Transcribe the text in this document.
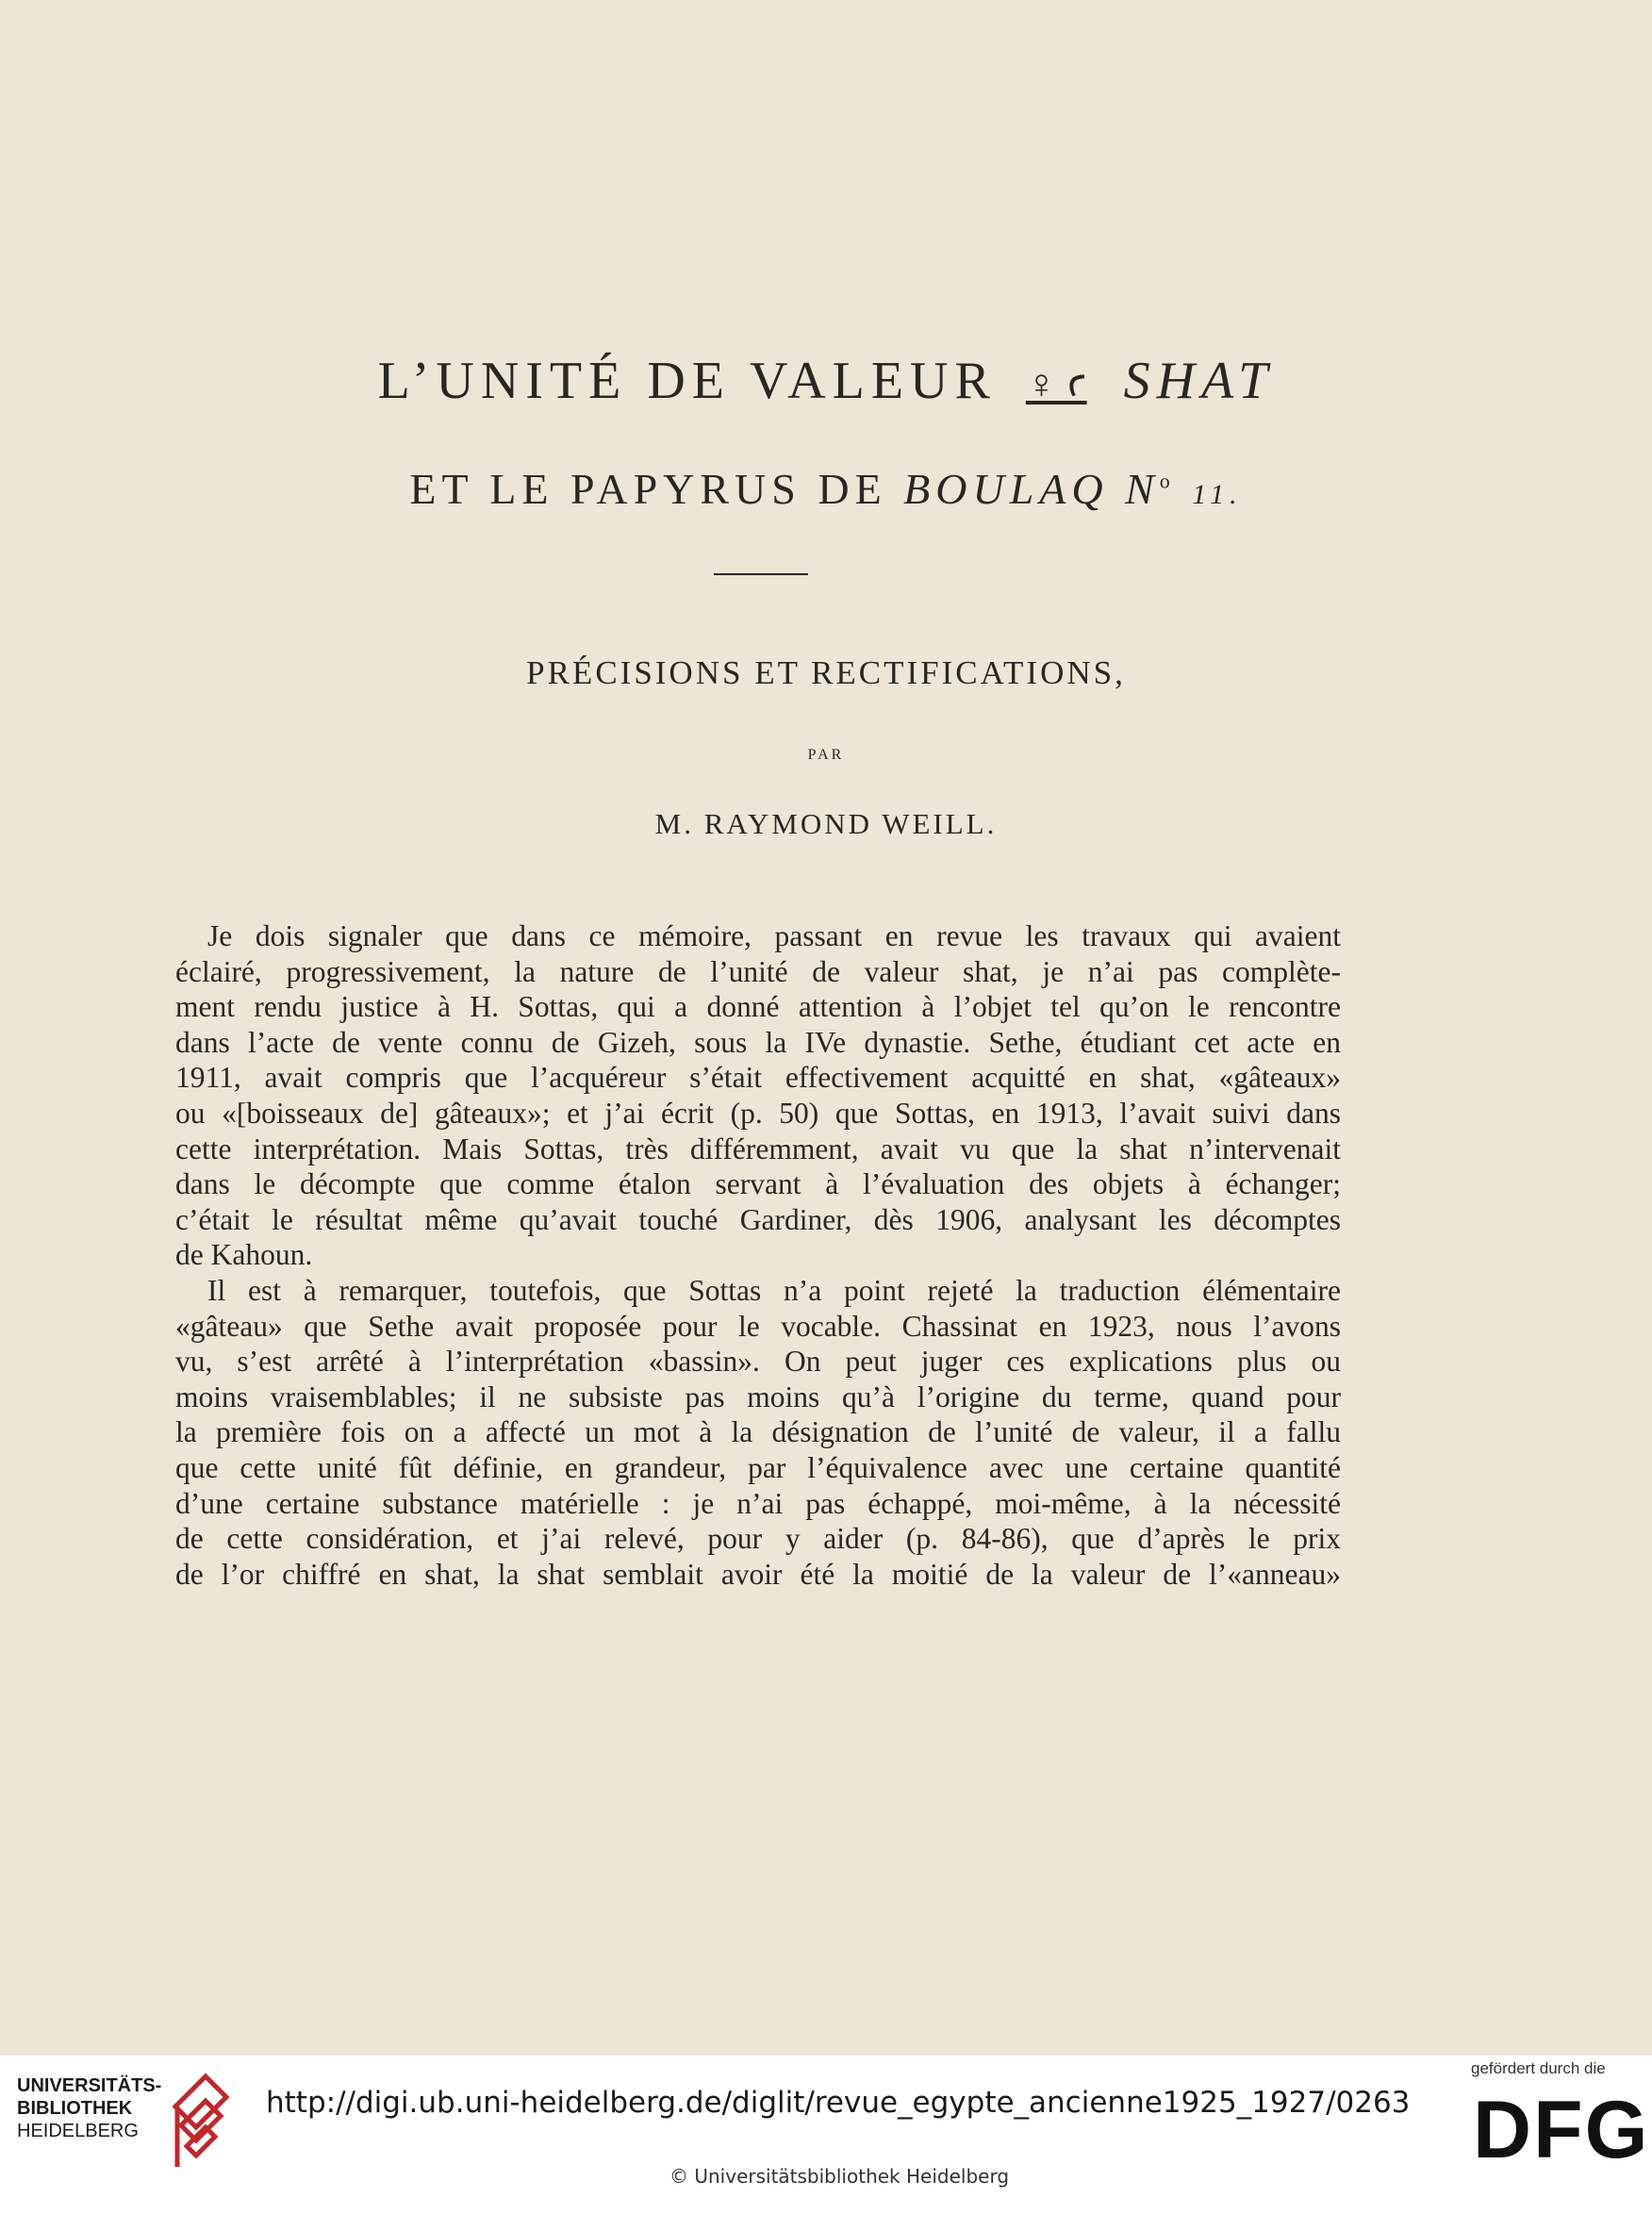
L’UNITÉ DE VALEUR ♀ ꜥ SHAT
ET LE PAPYRUS DE BOULAQ $N^o$ 11.
PRÉCISIONS ET RECTIFICATIONS,
PAR
M. RAYMOND WEILL.
Je dois signaler que dans ce mémoire, passant en revue les travaux qui avaient
éclairé, progressivement, la nature de l’unité de valeur shat, je n’ai pas complète-
ment rendu justice à H. Sottas, qui a donné attention à l’objet tel qu’on le rencontre
dans l’acte de vente connu de Gizeh, sous la IVe dynastie. Sethe, étudiant cet acte en
1911, avait compris que l’acquéreur s’était effectivement acquitté en shat, «gâteaux»
ou «[boisseaux de] gâteaux»; et j’ai écrit (p. 50) que Sottas, en 1913, l’avait suivi dans
cette interprétation. Mais Sottas, très différemment, avait vu que la shat n’intervenait
dans le décompte que comme étalon servant à l’évaluation des objets à échanger;
c’était le résultat même qu’avait touché Gardiner, dès 1906, analysant les décomptes
de Kahoun.
Il est à remarquer, toutefois, que Sottas n’a point rejeté la traduction élémentaire
«gâteau» que Sethe avait proposée pour le vocable. Chassinat en 1923, nous l’avons
vu, s’est arrêté à l’interprétation «bassin». On peut juger ces explications plus ou
moins vraisemblables; il ne subsiste pas moins qu’à l’origine du terme, quand pour
la première fois on a affecté un mot à la désignation de l’unité de valeur, il a fallu
que cette unité fût définie, en grandeur, par l’équivalence avec une certaine quantité
d’une certaine substance matérielle : je n’ai pas échappé, moi-même, à la nécessité
de cette considération, et j’ai relevé, pour y aider (p. 84-86), que d’après le prix
de l’or chiffré en shat, la shat semblait avoir été la moitié de la valeur de l’«anneau»
UNIVERSITÄTS-
BIBLIOTHEK
HEIDELBERG
http://digi.ub.uni-heidelberg.de/diglit/revue_egypte_ancienne1925_1927/0263
© Universitätsbibliothek Heidelberg
gefördert durch die
DFG
